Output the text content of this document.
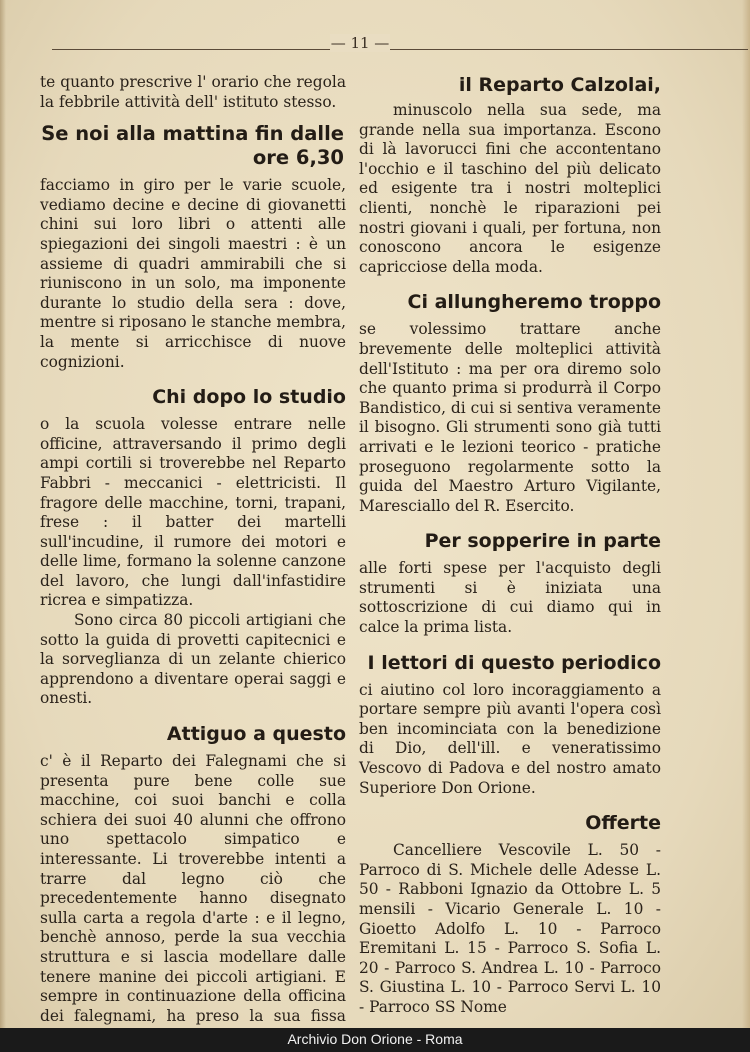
— 11 —

te quanto prescrive l' orario che regola la febbrile attività dell' istituto stesso.

Se noi alla mattina fin dalle ore 6,30

facciamo in giro per le varie scuole, vediamo decine e decine di giovanetti chini sui loro libri o attenti alle spiegazioni dei singoli maestri : è un assieme di quadri ammirabili che si riuniscono in un solo, ma imponente durante lo studio della sera : dove, mentre si riposano le stanche membra, la mente si arricchisce di nuove cognizioni.

Chi dopo lo studio

o la scuola volesse entrare nelle officine, attraversando il primo degli ampi cortili si troverebbe nel Reparto Fabbri - meccanici - elettricisti. Il fragore delle macchine, torni, trapani, frese : il batter dei martelli sull'incudine, il rumore dei motori e delle lime, formano la solenne canzone del lavoro, che lungi dall'infastidire ricrea e simpatizza.

Sono circa 80 piccoli artigiani che sotto la guida di provetti capitecnici e la sorveglianza di un zelante chierico apprendono a diventare operai saggi e onesti.

Attiguo a questo

c' è il Reparto dei Falegnami che si presenta pure bene colle sue macchine, coi suoi banchi e colla schiera dei suoi 40 alunni che offrono uno spettacolo simpatico e interessante. Li troverebbe intenti a trarre dal legno ciò che precedentemente hanno disegnato sulla carta a regola d'arte : e il legno, benchè annoso, perde la sua vecchia struttura e si lascia modellare dalle tenere manine dei piccoli artigiani. E sempre in continuazione della officina dei falegnami, ha preso la sua fissa

il Reparto Calzolai,

minuscolo nella sua sede, ma grande nella sua importanza. Escono di là lavorucci fini che accontentano l'occhio e il taschino del più delicato ed esigente tra i nostri molteplici clienti, nonchè le riparazioni pei nostri giovani i quali, per fortuna, non conoscono ancora le esigenze capricciose della moda.

Ci allungheremo troppo

se volessimo trattare anche brevemente delle molteplici attività dell'Istituto : ma per ora diremo solo che quanto prima si produrrà il Corpo Bandistico, di cui si sentiva veramente il bisogno. Gli strumenti sono già tutti arrivati e le lezioni teorico - pratiche proseguono regolarmente sotto la guida del Maestro Arturo Vigilante, Maresciallo del R. Esercito.

Per sopperire in parte

alle forti spese per l'acquisto degli strumenti si è iniziata una sottoscrizione di cui diamo qui in calce la prima lista.

I lettori di questo periodico

ci aiutino col loro incoraggiamento a portare sempre più avanti l'opera così ben incominciata con la benedizione di Dio, dell'ill. e veneratissimo Vescovo di Padova e del nostro amato Superiore Don Orione.

Offerte

Cancelliere Vescovile L. 50 - Parroco di S. Michele delle Adesse L. 50 - Rabboni Ignazio da Ottobre L. 5 mensili - Vicario Generale L. 10 - Gioetto Adolfo L. 10 - Parroco Eremitani L. 15 - Parroco S. Sofia L. 20 - Parroco S. Andrea L. 10 - Parroco S. Giustina L. 10 - Parroco Servi L. 10 - Parroco SS Nome

Archivio Don Orione - Roma
